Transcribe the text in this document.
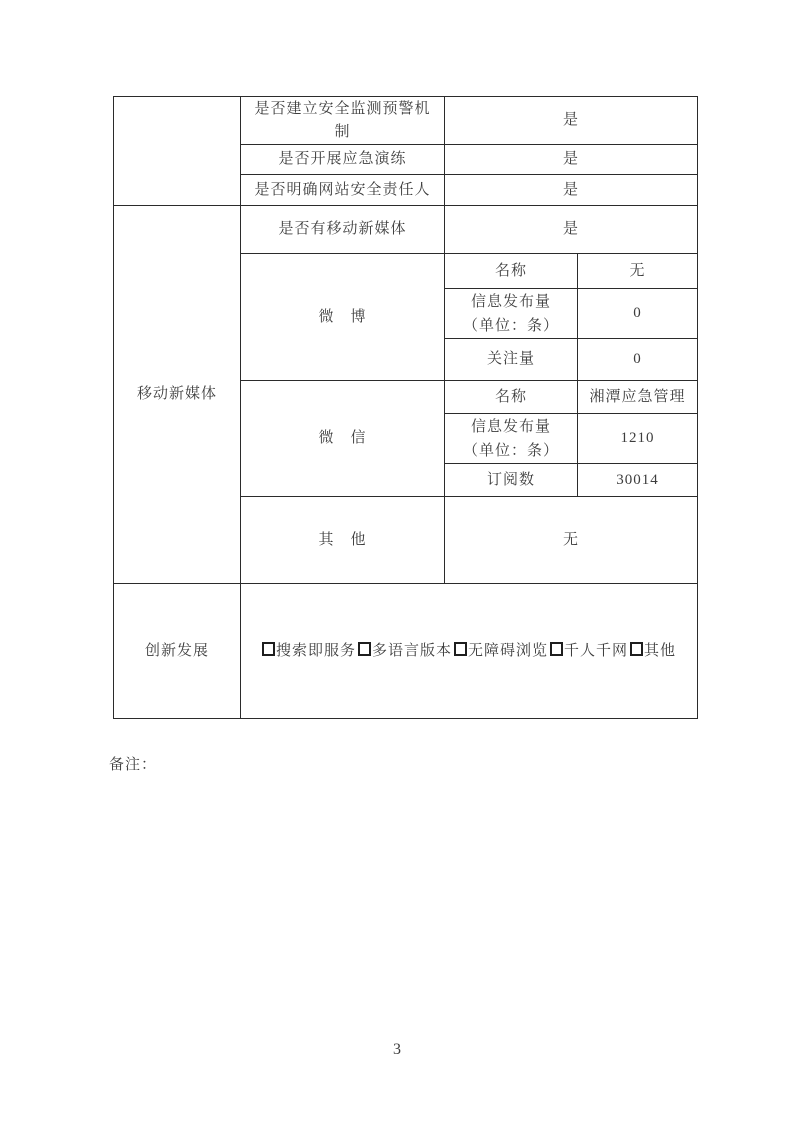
	是否建立安全监测预警机制	是	
	是否开展应急演练	是	
	是否明确网站安全责任人	是	
移动新媒体	是否有移动新媒体	是	
	微　博	名称	无

		信息发布量
（单位：条）	0
		关注量	0
	微　信	名称	湘潭应急管理

		信息发布量
（单位：条）	1210
		订阅数	30014
	其　他	无	
创新发展	搜索即服务 多语言版本 无障碍浏览 千人千网 其他		
备注：
3
